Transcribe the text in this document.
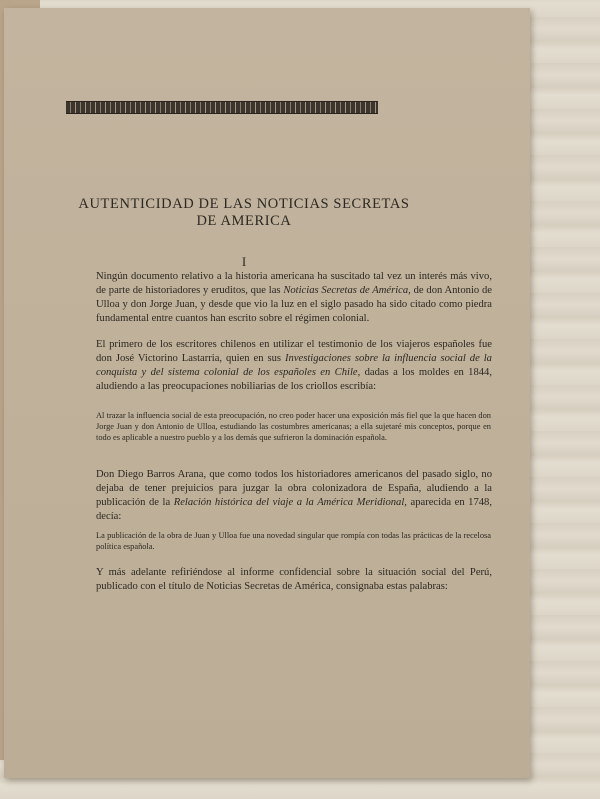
AUTENTICIDAD DE LAS NOTICIAS SECRETAS
DE AMERICA
I

Ningún documento relativo a la historia americana ha suscitado tal vez un interés más vivo, de parte de historiadores y eruditos, que las Noticias Secretas de América, de don Antonio de Ulloa y don Jorge Juan, y desde que vio la luz en el siglo pasado ha sido citado como piedra fundamental entre cuantos han escrito sobre el régimen colonial.

El primero de los escritores chilenos en utilizar el testimonio de los viajeros españoles fue don José Victorino Lastarria, quien en sus Investigaciones sobre la influencia social de la conquista y del sistema colonial de los españoles en Chile, dadas a los moldes en 1844, aludiendo a las preocupaciones nobiliarias de los criollos escribía:

Al trazar la influencia social de esta preocupación, no creo poder hacer una exposición más fiel que la que hacen don Jorge Juan y don Antonio de Ulloa, estudiando las costumbres americanas; a ella sujetaré mis conceptos, porque en todo es aplicable a nuestro pueblo y a los demás que sufrieron la dominación española.

Don Diego Barros Arana, que como todos los historiadores americanos del pasado siglo, no dejaba de tener prejuicios para juzgar la obra colonizadora de España, aludiendo a la publicación de la Relación histórica del viaje a la América Meridional, aparecida en 1748, decía:

La publicación de la obra de Juan y Ulloa fue una novedad singular que rompía con todas las prácticas de la recelosa política española.

Y más adelante refiriéndose al informe confidencial sobre la situación social del Perú, publicado con el título de Noticias Secretas de América, consignaba estas palabras:
